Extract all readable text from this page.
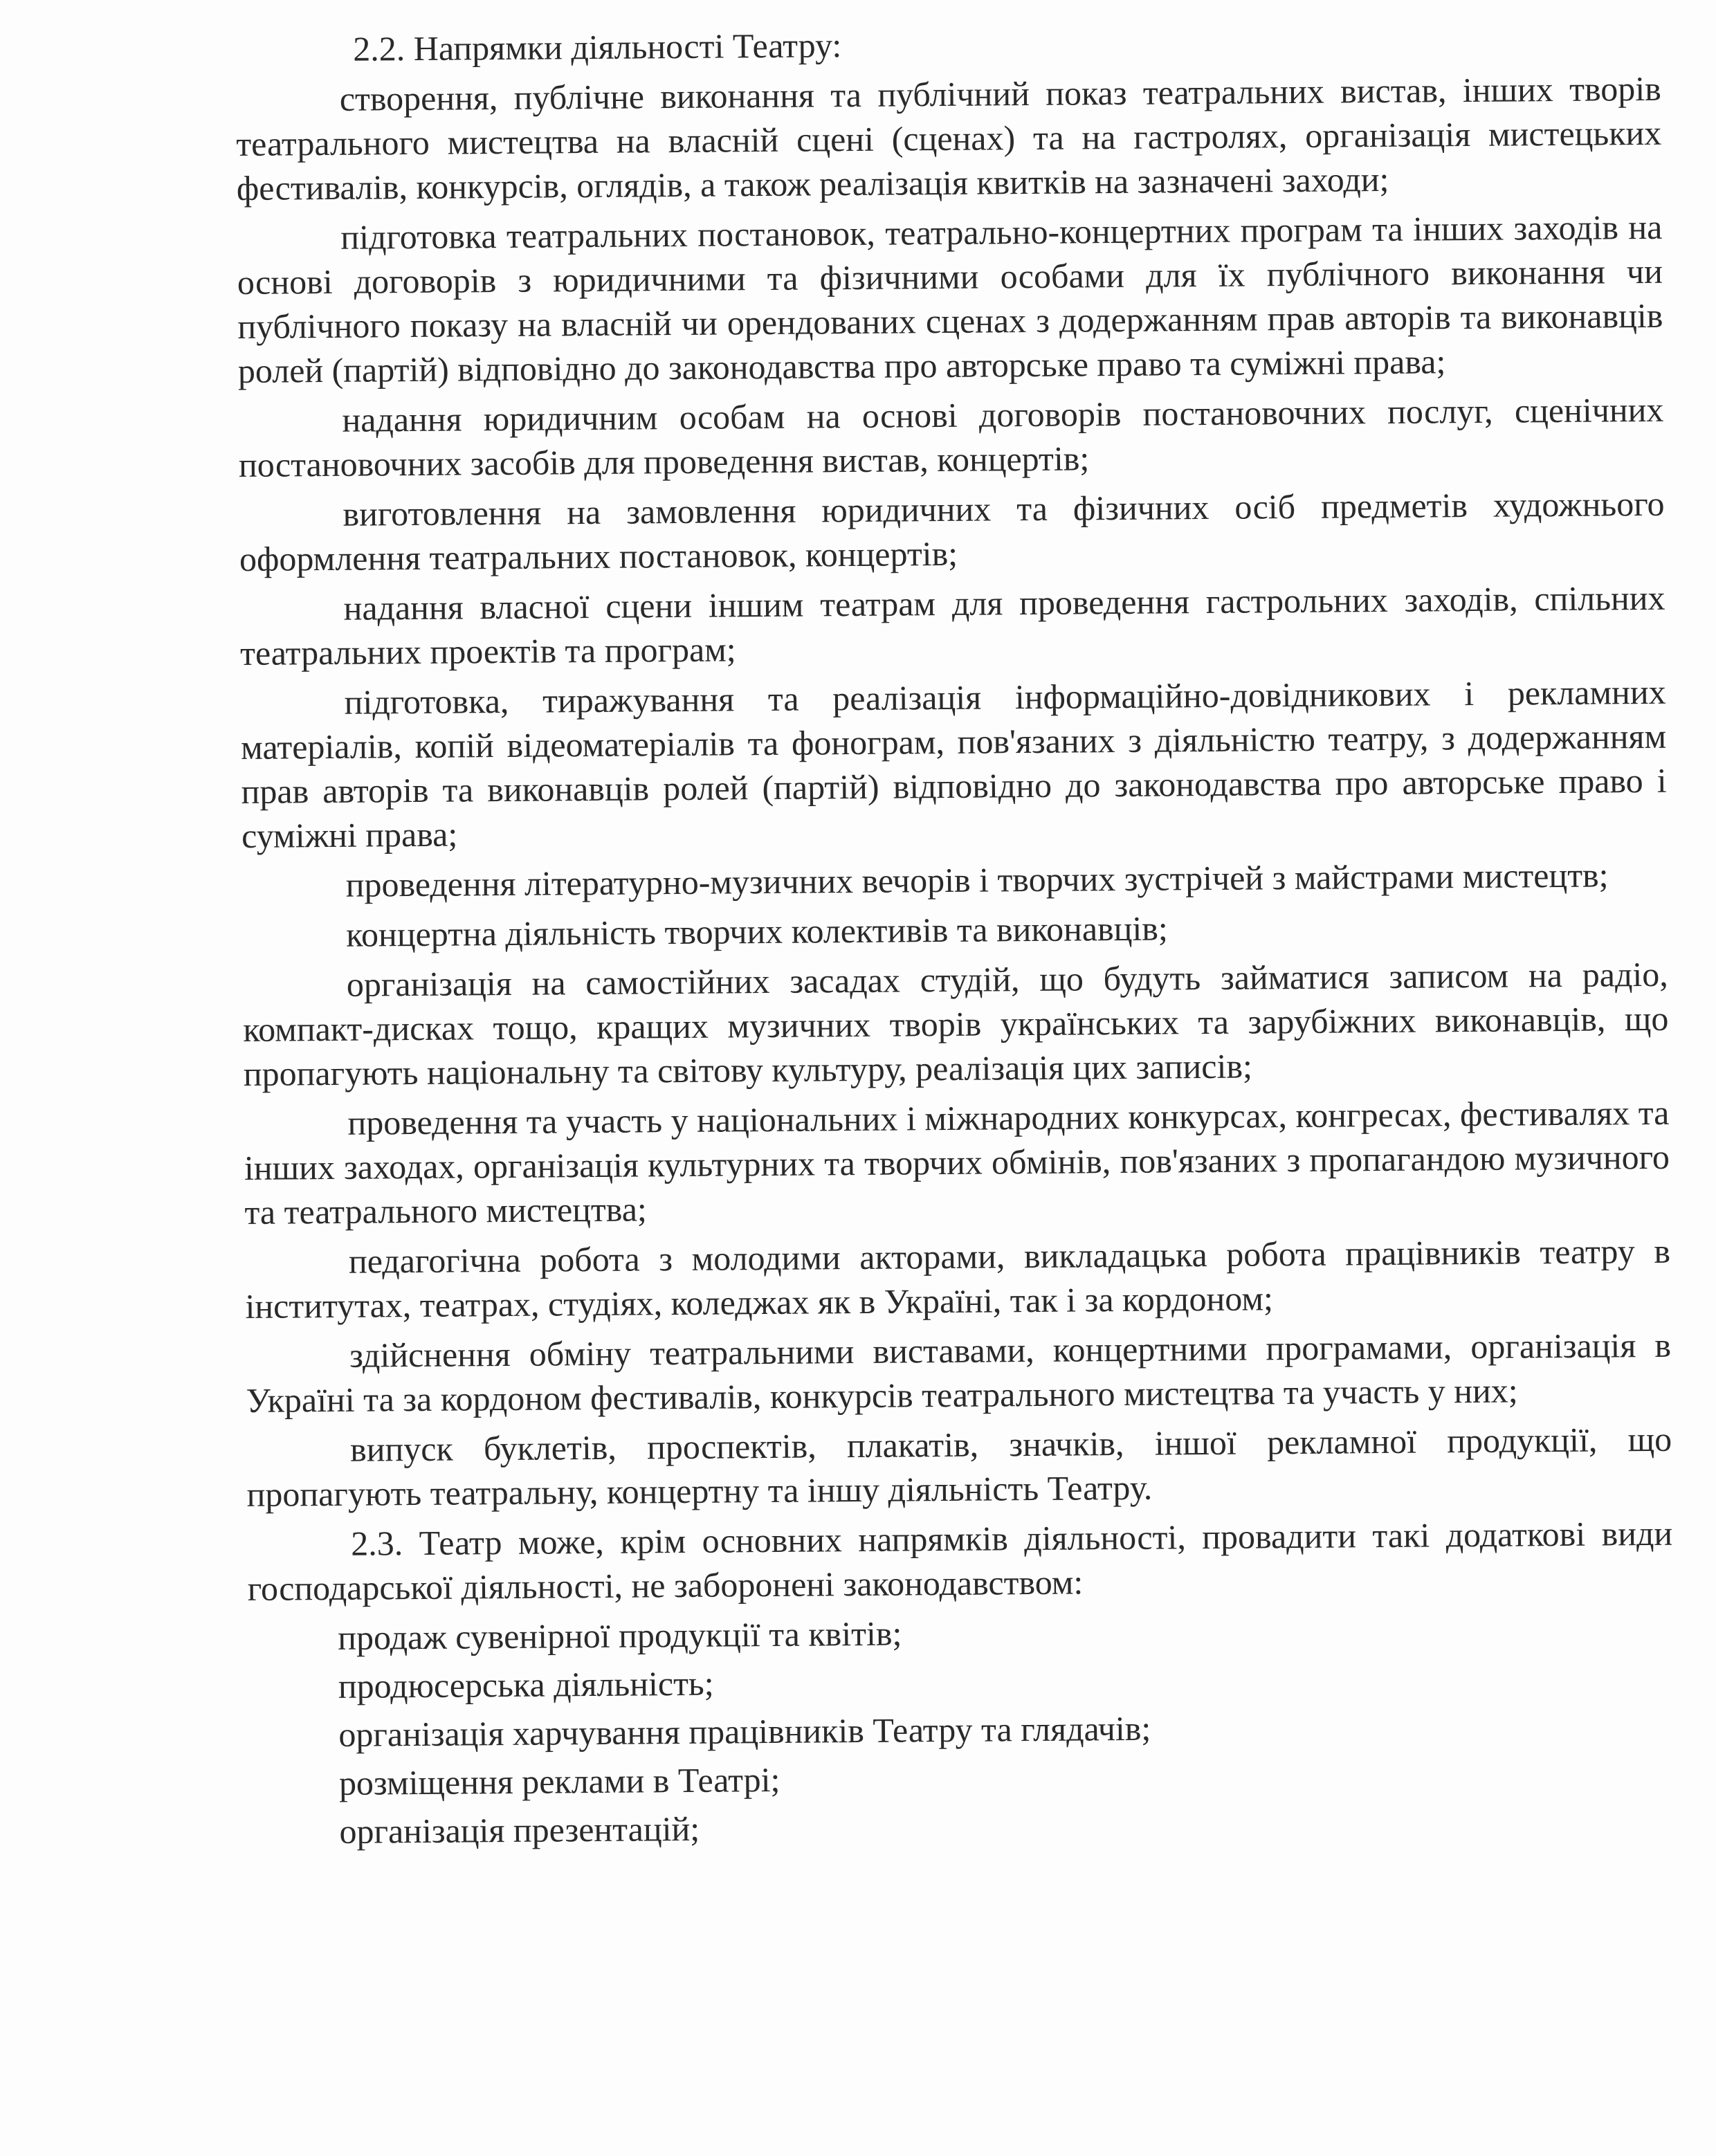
2.2. Напрямки діяльності Театру:

створення, публічне виконання та публічний показ театральних вистав, інших творів театрального мистецтва на власній сцені (сценах) та на гастролях, організація мистецьких фестивалів, конкурсів, оглядів, а також реалізація квитків на зазначені заходи;

підготовка театральних постановок, театрально-концертних програм та інших заходів на основі договорів з юридичними та фізичними особами для їх публічного виконання чи публічного показу на власній чи орендованих сценах з додержанням прав авторів та виконавців ролей (партій) відповідно до законодавства про авторське право та суміжні права;

надання юридичним особам на основі договорів постановочних послуг, сценічних постановочних засобів для проведення вистав, концертів;

виготовлення на замовлення юридичних та фізичних осіб предметів художнього оформлення театральних постановок, концертів;

надання власної сцени іншим театрам для проведення гастрольних заходів, спільних театральних проектів та програм;

підготовка, тиражування та реалізація інформаційно-довідникових і рекламних матеріалів, копій відеоматеріалів та фонограм, пов'язаних з діяльністю театру, з додержанням прав авторів та виконавців ролей (партій) відповідно до законодавства про авторське право і суміжні права;

проведення літературно-музичних вечорів і творчих зустрічей з майстрами мистецтв;

концертна діяльність творчих колективів та виконавців;

організація на самостійних засадах студій, що будуть займатися записом на радіо, компакт-дисках тощо, кращих музичних творів українських та зарубіжних виконавців, що пропагують національну та світову культуру, реалізація цих записів;

проведення та участь у національних і міжнародних конкурсах, конгресах, фестивалях та інших заходах, організація культурних та творчих обмінів, пов'язаних з пропагандою музичного та театрального мистецтва;

педагогічна робота з молодими акторами, викладацька робота працівників театру в інститутах, театрах, студіях, коледжах як в Україні, так і за кордоном;

здійснення обміну театральними виставами, концертними програмами, організація в Україні та за кордоном фестивалів, конкурсів театрального мистецтва та участь у них;

випуск буклетів, проспектів, плакатів, значків, іншої рекламної продукції, що пропагують театральну, концертну та іншу діяльність Театру.

2.3. Театр може, крім основних напрямків діяльності, провадити такі додаткові види господарської діяльності, не заборонені законодавством:

продаж сувенірної продукції та квітів;

продюсерська діяльність;

організація харчування працівників Театру та глядачів;

розміщення реклами в Театрі;

організація презентацій;
